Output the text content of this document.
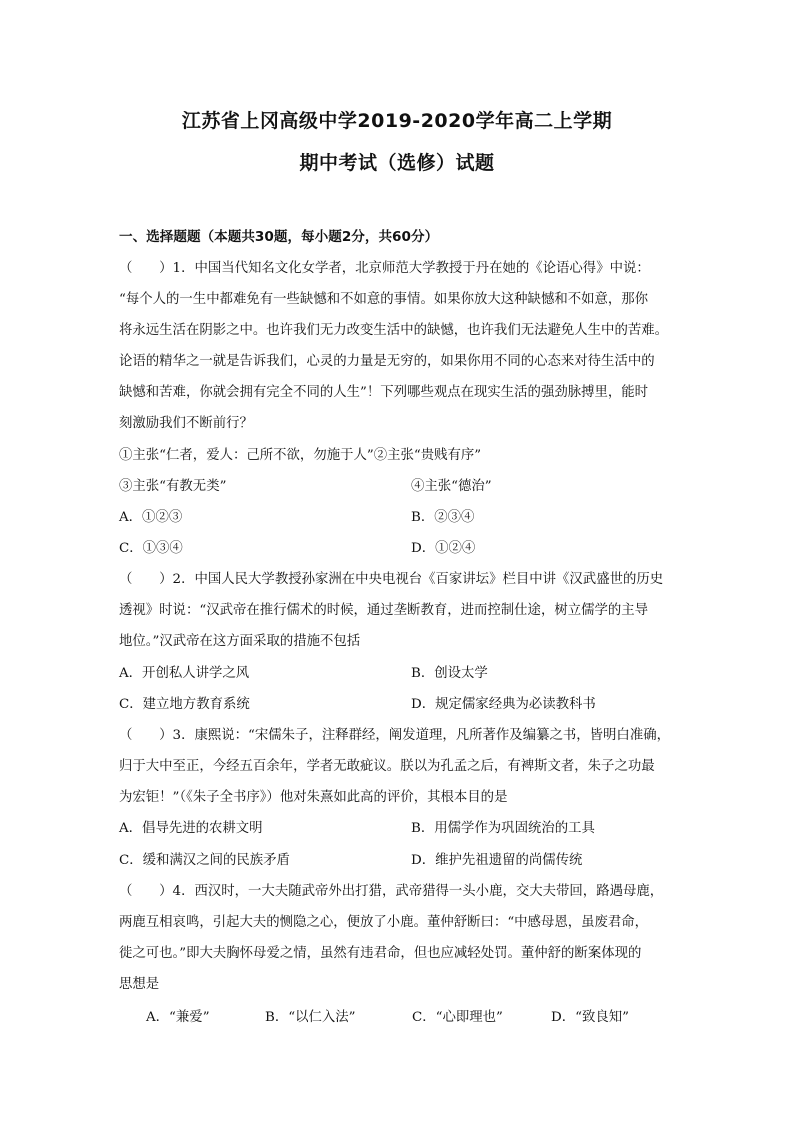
江苏省上冈高级中学2019-2020学年高二上学期
期中考试（选修）试题
一、选择题题（本题共30题，每小题2分，共60分）
（　　）1．中国当代知名文化女学者，北京师范大学教授于丹在她的《论语心得》中说：
“每个人的一生中都难免有一些缺憾和不如意的事情。如果你放大这种缺憾和不如意，那你
将永远生活在阴影之中。也许我们无力改变生活中的缺憾，也许我们无法避免人生中的苦难。
论语的精华之一就是告诉我们，心灵的力量是无穷的，如果你用不同的心态来对待生活中的
缺憾和苦难，你就会拥有完全不同的人生”！下列哪些观点在现实生活的强劲脉搏里，能时
刻激励我们不断前行？
①主张“仁者，爱人：己所不欲，勿施于人”②主张“贵贱有序”
③主张“有教无类”	④主张“德治”
A．①②③	B．②③④
C．①③④	D．①②④
（　　）2．中国人民大学教授孙家洲在中央电视台《百家讲坛》栏目中讲《汉武盛世的历史
透视》时说：“汉武帝在推行儒术的时候，通过垄断教育，进而控制仕途，树立儒学的主导
地位。”汉武帝在这方面采取的措施不包括
A．开创私人讲学之风	B．创设太学
C．建立地方教育系统	D．规定儒家经典为必读教科书
（　　）3．康熙说：“宋儒朱子，注释群经，阐发道理，凡所著作及编纂之书，皆明白准确，
归于大中至正，今经五百余年，学者无敢疵议。朕以为孔孟之后，有裨斯文者，朱子之功最
为宏钜！”（《朱子全书序》）他对朱熹如此高的评价，其根本目的是
A．倡导先进的农耕文明	B．用儒学作为巩固统治的工具
C．缓和满汉之间的民族矛盾	D．维护先祖遗留的尚儒传统
（　　）4．西汉时，一大夫随武帝外出打猎，武帝猎得一头小鹿，交大夫带回，路遇母鹿，
两鹿互相哀鸣，引起大夫的恻隐之心，便放了小鹿。董仲舒断曰：“中感母恩，虽废君命，
徙之可也。”即大夫胸怀母爱之情，虽然有违君命，但也应减轻处罚。董仲舒的断案体现的
思想是
A．“兼爱”	B．“以仁入法”	C．“心即理也”	D．“致良知”
